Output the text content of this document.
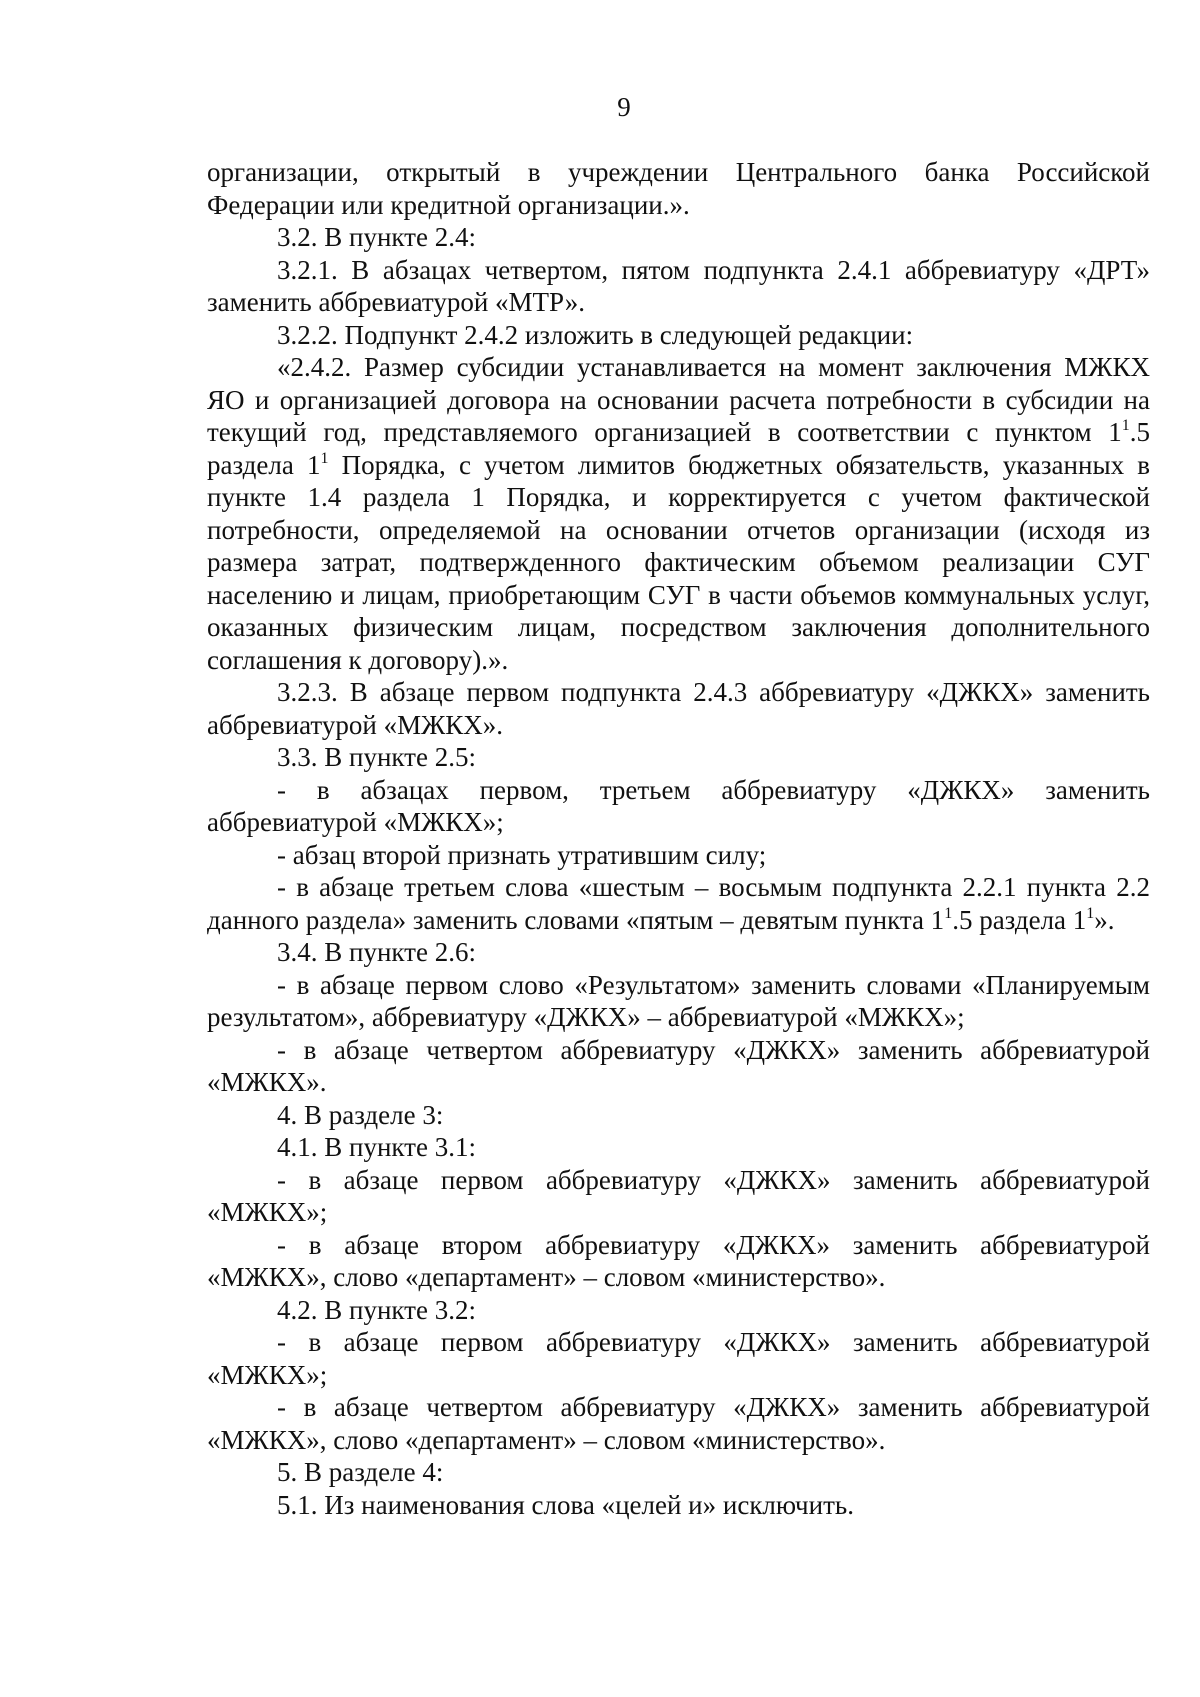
9

организации, открытый в учреждении Центрального банка Российской Федерации или кредитной организации.».

3.2. В пункте 2.4:

3.2.1. В абзацах четвертом, пятом подпункта 2.4.1 аббревиатуру «ДРТ» заменить аббревиатурой «МТР».

3.2.2. Подпункт 2.4.2 изложить в следующей редакции:

«2.4.2. Размер субсидии устанавливается на момент заключения МЖКХ ЯО и организацией договора на основании расчета потребности в субсидии на текущий год, представляемого организацией в соответствии с пунктом $1^1.5$ раздела $1^1$ Порядка, с учетом лимитов бюджетных обязательств, указанных в пункте 1.4 раздела 1 Порядка, и корректируется с учетом фактической потребности, определяемой на основании отчетов организации (исходя из размера затрат, подтвержденного фактическим объемом реализации СУГ населению и лицам, приобретающим СУГ в части объемов коммунальных услуг, оказанных физическим лицам, посредством заключения дополнительного соглашения к договору).».

3.2.3. В абзаце первом подпункта 2.4.3 аббревиатуру «ДЖКХ» заменить аббревиатурой «МЖКХ».

3.3. В пункте 2.5:

- в абзацах первом, третьем аббревиатуру «ДЖКХ» заменить аббревиатурой «МЖКХ»;

- абзац второй признать утратившим силу;

- в абзаце третьем слова «шестым – восьмым подпункта 2.2.1 пункта 2.2 данного раздела» заменить словами «пятым – девятым пункта $1^1.5$ раздела $1^1$».

3.4. В пункте 2.6:

- в абзаце первом слово «Результатом» заменить словами «Планируемым результатом», аббревиатуру «ДЖКХ» – аббревиатурой «МЖКХ»;

- в абзаце четвертом аббревиатуру «ДЖКХ» заменить аббревиатурой «МЖКХ».

4. В разделе 3:

4.1. В пункте 3.1:

- в абзаце первом аббревиатуру «ДЖКХ» заменить аббревиатурой «МЖКХ»;

- в абзаце втором аббревиатуру «ДЖКХ» заменить аббревиатурой «МЖКХ», слово «департамент» – словом «министерство».

4.2. В пункте 3.2:

- в абзаце первом аббревиатуру «ДЖКХ» заменить аббревиатурой «МЖКХ»;

- в абзаце четвертом аббревиатуру «ДЖКХ» заменить аббревиатурой «МЖКХ», слово «департамент» – словом «министерство».

5. В разделе 4:

5.1. Из наименования слова «целей и» исключить.
